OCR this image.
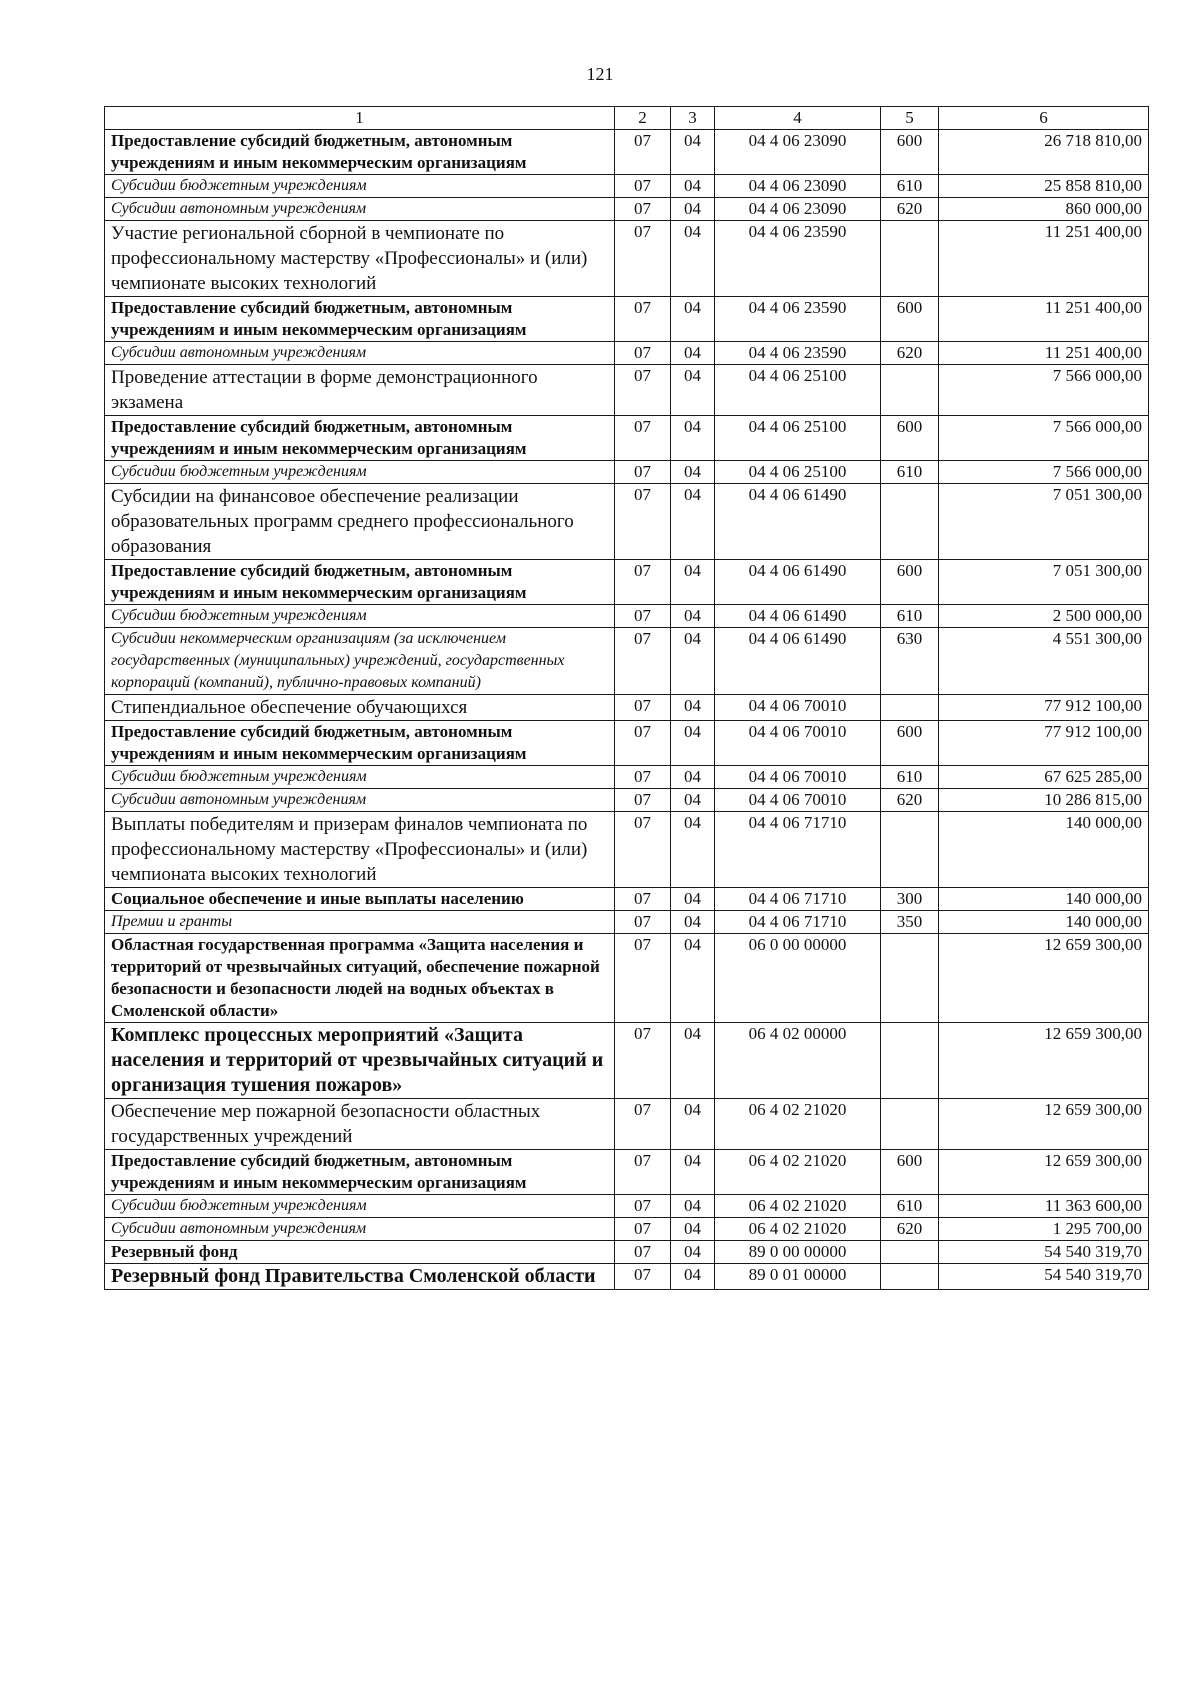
121
1	2	3	4	5	6
Предоставление субсидий бюджетным, автономным учреждениям и иным некоммерческим организациям	07	04	04 4 06 23090	600	26 718 810,00
Субсидии бюджетным учреждениям	07	04	04 4 06 23090	610	25 858 810,00
Субсидии автономным учреждениям	07	04	04 4 06 23090	620	860 000,00
Участие региональной сборной в чемпионате по профессиональному мастерству «Профессионалы» и (или) чемпионате высоких технологий	07	04	04 4 06 23590		11 251 400,00
Предоставление субсидий бюджетным, автономным учреждениям и иным некоммерческим организациям	07	04	04 4 06 23590	600	11 251 400,00
Субсидии автономным учреждениям	07	04	04 4 06 23590	620	11 251 400,00
Проведение аттестации в форме демонстрационного экзамена	07	04	04 4 06 25100		7 566 000,00
Предоставление субсидий бюджетным, автономным учреждениям и иным некоммерческим организациям	07	04	04 4 06 25100	600	7 566 000,00
Субсидии бюджетным учреждениям	07	04	04 4 06 25100	610	7 566 000,00
Субсидии на финансовое обеспечение реализации образовательных программ среднего профессионального образования	07	04	04 4 06 61490		7 051 300,00
Предоставление субсидий бюджетным, автономным учреждениям и иным некоммерческим организациям	07	04	04 4 06 61490	600	7 051 300,00
Субсидии бюджетным учреждениям	07	04	04 4 06 61490	610	2 500 000,00
Субсидии некоммерческим организациям (за исключением государственных (муниципальных) учреждений, государственных корпораций (компаний), публично-правовых компаний)	07	04	04 4 06 61490	630	4 551 300,00
Стипендиальное обеспечение обучающихся	07	04	04 4 06 70010		77 912 100,00
Предоставление субсидий бюджетным, автономным учреждениям и иным некоммерческим организациям	07	04	04 4 06 70010	600	77 912 100,00
Субсидии бюджетным учреждениям	07	04	04 4 06 70010	610	67 625 285,00
Субсидии автономным учреждениям	07	04	04 4 06 70010	620	10 286 815,00
Выплаты победителям и призерам финалов чемпионата по профессиональному мастерству «Профессионалы» и (или) чемпионата высоких технологий	07	04	04 4 06 71710		140 000,00
Социальное обеспечение и иные выплаты населению	07	04	04 4 06 71710	300	140 000,00
Премии и гранты	07	04	04 4 06 71710	350	140 000,00
Областная государственная программа «Защита населения и территорий от чрезвычайных ситуаций, обеспечение пожарной безопасности и безопасности людей на водных объектах в Смоленской области»	07	04	06 0 00 00000		12 659 300,00
Комплекс процессных мероприятий «Защита населения и территорий от чрезвычайных ситуаций и организация тушения пожаров»	07	04	06 4 02 00000		12 659 300,00
Обеспечение мер пожарной безопасности областных государственных учреждений	07	04	06 4 02 21020		12 659 300,00
Предоставление субсидий бюджетным, автономным учреждениям и иным некоммерческим организациям	07	04	06 4 02 21020	600	12 659 300,00
Субсидии бюджетным учреждениям	07	04	06 4 02 21020	610	11 363 600,00
Субсидии автономным учреждениям	07	04	06 4 02 21020	620	1 295 700,00
Резервный фонд	07	04	89 0 00 00000		54 540 319,70
Резервный фонд Правительства Смоленской области	07	04	89 0 01 00000		54 540 319,70
